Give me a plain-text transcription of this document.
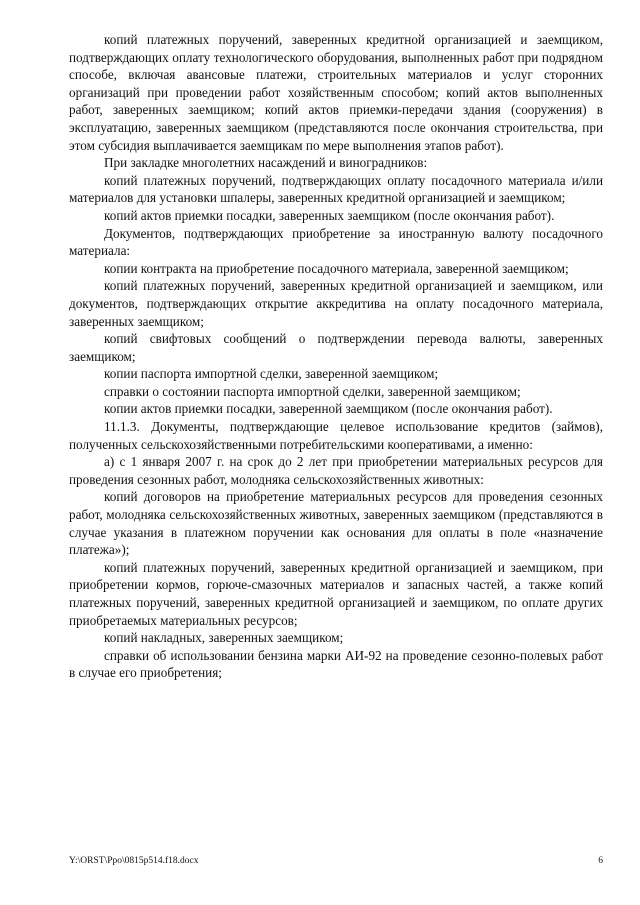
копий платежных поручений, заверенных кредитной организацией и заемщиком, подтверждающих оплату технологического оборудования, выполненных работ при подрядном способе, включая авансовые платежи, строительных материалов и услуг сторонних организаций при проведении работ хозяйственным способом; копий актов выполненных работ, заверенных заемщиком; копий актов приемки-передачи здания (сооружения) в эксплуатацию, заверенных заемщиком (представляются после окончания строительства, при этом субсидия выплачивается заемщикам по мере выполнения этапов работ).

При закладке многолетних насаждений и виноградников:

копий платежных поручений, подтверждающих оплату посадочного материала и/или материалов для установки шпалеры, заверенных кредитной организацией и заемщиком;

копий актов приемки посадки, заверенных заемщиком (после окончания работ).

Документов, подтверждающих приобретение за иностранную валюту посадочного материала:

копии контракта на приобретение посадочного материала, заверенной заемщиком;

копий платежных поручений, заверенных кредитной организацией и заемщиком, или документов, подтверждающих открытие аккредитива на оплату посадочного материала, заверенных заемщиком;

копий свифтовых сообщений о подтверждении перевода валюты, заверенных заемщиком;

копии паспорта импортной сделки, заверенной заемщиком;

справки о состоянии паспорта импортной сделки, заверенной заемщиком;

копии актов приемки посадки, заверенной заемщиком (после окончания работ).

11.1.3. Документы, подтверждающие целевое использование кредитов (займов), полученных сельскохозяйственными потребительскими кооперативами, а именно:

а) с 1 января 2007 г. на срок до 2 лет при приобретении материальных ресурсов для проведения сезонных работ, молодняка сельскохозяйственных животных:

копий договоров на приобретение материальных ресурсов для проведения сезонных работ, молодняка сельскохозяйственных животных, заверенных заемщиком (представляются в случае указания в платежном поручении как основания для оплаты в поле «назначение платежа»);

копий платежных поручений, заверенных кредитной организацией и заемщиком, при приобретении кормов, горюче-смазочных материалов и запасных частей, а также копий платежных поручений, заверенных кредитной организацией и заемщиком, по оплате других приобретаемых материальных ресурсов;

копий накладных, заверенных заемщиком;

справки об использовании бензина марки АИ-92 на проведение сезонно-полевых работ в случае его приобретения;

Y:\ORST\Ppo\0815p514.f18.docx	6
